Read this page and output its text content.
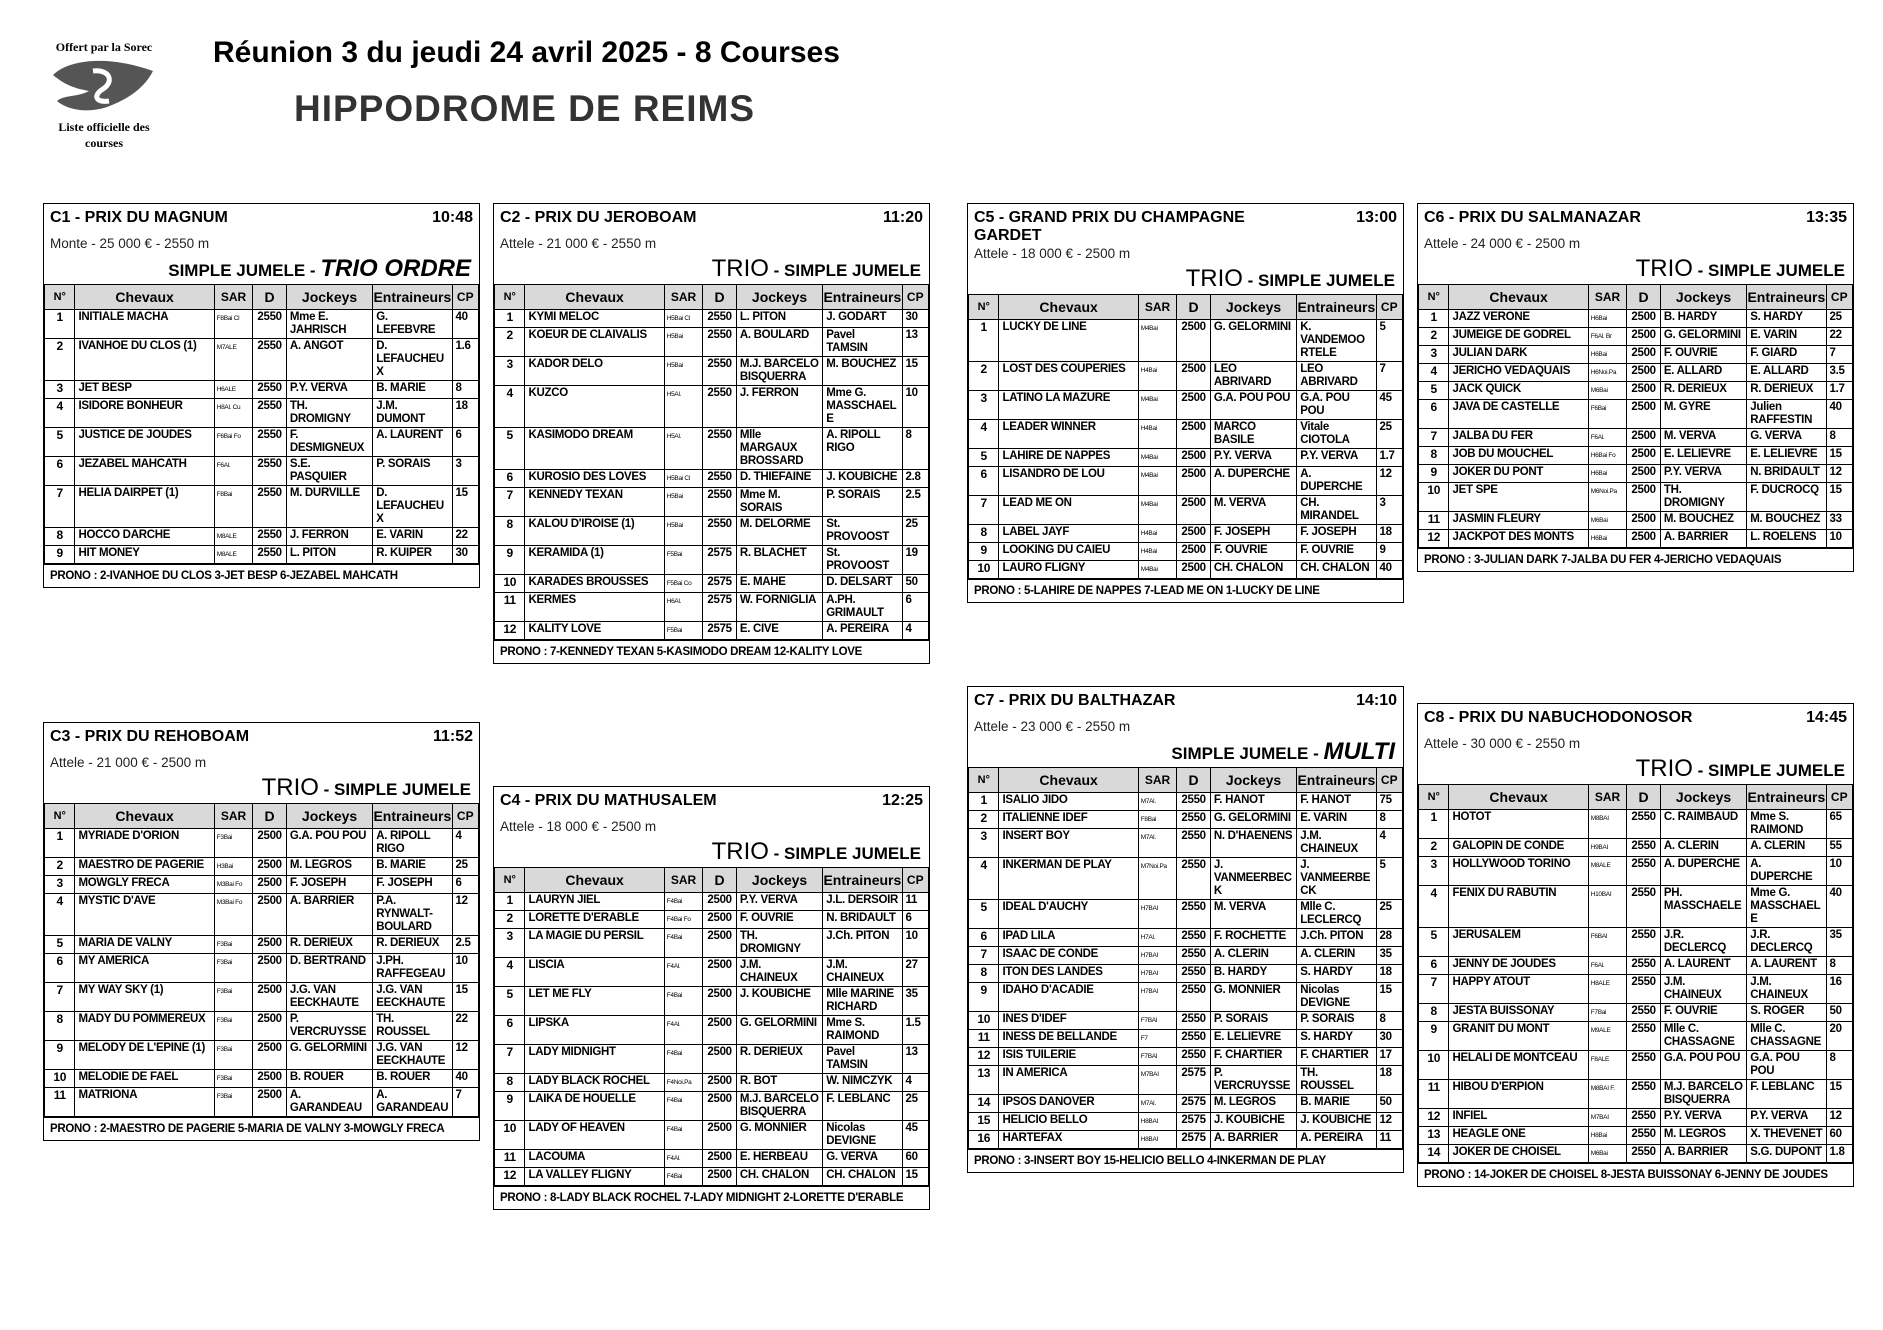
Offert par la Sorec

Liste officielle des courses
Réunion 3 du jeudi 24 avril 2025 - 8 Courses
HIPPODROME DE REIMS
C1 - PRIX DU MAGNUM	10:48
Monte - 25 000 € - 2550 m
SIMPLE JUMELE - TRIO ORDRE
N°	Chevaux	SAR	D	Jockeys	Entraineurs	CP
1	INITIALE MACHA	F8Bai Cl	2550	Mme E. JAHRISCH	G. LEFEBVRE	40
2	IVANHOE DU CLOS (1)	M7ALE	2550	A. ANGOT	D. LEFAUCHEUX	1.6
3	JET BESP	H6ALE	2550	P.Y. VERVA	B. MARIE	8
4	ISIDORE BONHEUR	H8Al. Cu	2550	TH. DROMIGNY	J.M. DUMONT	18
5	JUSTICE DE JOUDES	F6Bai Fo	2550	F. DESMIGNEUX	A. LAURENT	6
6	JEZABEL MAHCATH	F6Al.	2550	S.E. PASQUIER	P. SORAIS	3
7	HELIA DAIRPET (1)	F8Bai	2550	M. DURVILLE	D. LEFAUCHEUX	15
8	HOCCO DARCHE	M8ALE	2550	J. FERRON	E. VARIN	22
9	HIT MONEY	M8ALE	2550	L. PITON	R. KUIPER	30
PRONO : 2-IVANHOE DU CLOS 3-JET BESP 6-JEZABEL MAHCATH
C2 - PRIX DU JEROBOAM	11:20
Attele - 21 000 € - 2550 m
TRIO - SIMPLE JUMELE
N°	Chevaux	SAR	D	Jockeys	Entraineurs	CP
1	KYMI MELOC	H5Bai Cl	2550	L. PITON	J. GODART	30
2	KOEUR DE CLAIVALIS	H5Bai	2550	A. BOULARD	Pavel TAMSIN	13
3	KADOR DELO	H5Bai	2550	M.J. BARCELO BISQUERRA	M. BOUCHEZ	15
4	KUZCO	H5Al.	2550	J. FERRON	Mme G. MASSCHAELE	10
5	KASIMODO DREAM	H5Al.	2550	Mlle MARGAUX BROSSARD	A. RIPOLL RIGO	8
6	KUROSIO DES LOVES	H5Bai Cl	2550	D. THIEFAINE	J. KOUBICHE	2.8
7	KENNEDY TEXAN	H5Bai	2550	Mme M. SORAIS	P. SORAIS	2.5
8	KALOU D'IROISE (1)	H5Bai	2550	M. DELORME	St. PROVOOST	25
9	KERAMIDA (1)	F5Bai	2575	R. BLACHET	St. PROVOOST	19
10	KARADES BROUSSES	F5Bai Co	2575	E. MAHE	D. DELSART	50
11	KERMES	H6Al.	2575	W. FORNIGLIA	A.PH. GRIMAULT	6
12	KALITY LOVE	F5Bai	2575	E. CIVE	A. PEREIRA	4
PRONO : 7-KENNEDY TEXAN 5-KASIMODO DREAM 12-KALITY LOVE
C3 - PRIX DU REHOBOAM	11:52
Attele - 21 000 € - 2500 m
TRIO - SIMPLE JUMELE
N°	Chevaux	SAR	D	Jockeys	Entraineurs	CP
1	MYRIADE D'ORION	F3Bai	2500	G.A. POU POU	A. RIPOLL RIGO	4
2	MAESTRO DE PAGERIE	H3Bai	2500	M. LEGROS	B. MARIE	25
3	MOWGLY FRECA	M3Bai Fo	2500	F. JOSEPH	F. JOSEPH	6
4	MYSTIC D'AVE	M3Bai Fo	2500	A. BARRIER	P.A. RYNWALT-BOULARD	12
5	MARIA DE VALNY	F3Bai	2500	R. DERIEUX	R. DERIEUX	2.5
6	MY AMERICA	F3Bai	2500	D. BERTRAND	J.PH. RAFFEGEAU	10
7	MY WAY SKY (1)	F3Bai	2500	J.G. VAN EECKHAUTE	J.G. VAN EECKHAUTE	15
8	MADY DU POMMEREUX	F3Bai	2500	P. VERCRUYSSE	TH. ROUSSEL	22
9	MELODY DE L'EPINE (1)	F3Bai	2500	G. GELORMINI	J.G. VAN EECKHAUTE	12
10	MELODIE DE FAEL	F3Bai	2500	B. ROUER	B. ROUER	40
11	MATRIONA	F3Bai	2500	A. GARANDEAU	A. GARANDEAU	7
PRONO : 2-MAESTRO DE PAGERIE 5-MARIA DE VALNY 3-MOWGLY FRECA
C4 - PRIX DU MATHUSALEM	12:25
Attele - 18 000 € - 2500 m
TRIO - SIMPLE JUMELE
N°	Chevaux	SAR	D	Jockeys	Entraineurs	CP
1	LAURYN JIEL	F4Bai	2500	P.Y. VERVA	J.L. DERSOIR	11
2	LORETTE D'ERABLE	F4Bai Fo	2500	F. OUVRIE	N. BRIDAULT	6
3	LA MAGIE DU PERSIL	F4Bai	2500	TH. DROMIGNY	J.Ch. PITON	10
4	LISCIA	F4Al.	2500	J.M. CHAINEUX	J.M. CHAINEUX	27
5	LET ME FLY	F4Bai	2500	J. KOUBICHE	Mlle MARINE RICHARD	35
6	LIPSKA	F4Al.	2500	G. GELORMINI	Mme S. RAIMOND	1.5
7	LADY MIDNIGHT	F4Bai	2500	R. DERIEUX	Pavel TAMSIN	13
8	LADY BLACK ROCHEL	F4Noi.Pa	2500	R. BOT	W. NIMCZYK	4
9	LAIKA DE HOUELLE	F4Bai	2500	M.J. BARCELO BISQUERRA	F. LEBLANC	25
10	LADY OF HEAVEN	F4Bai	2500	G. MONNIER	Nicolas DEVIGNE	45
11	LACOUMA	F4Al.	2500	E. HERBEAU	G. VERVA	60
12	LA VALLEY FLIGNY	F4Bai	2500	CH. CHALON	CH. CHALON	15
PRONO : 8-LADY BLACK ROCHEL 7-LADY MIDNIGHT 2-LORETTE D'ERABLE
C5 - GRAND PRIX DU CHAMPAGNE GARDET
13:00
Attele - 18 000 € - 2500 m
TRIO - SIMPLE JUMELE
N°	Chevaux	SAR	D	Jockeys	Entraineurs	CP
1	LUCKY DE LINE	M4Bai	2500	G. GELORMINI	K. VANDEMOORTELE	5
2	LOST DES COUPERIES	H4Bai	2500	LEO ABRIVARD	LEO ABRIVARD	7
3	LATINO LA MAZURE	M4Bai	2500	G.A. POU POU	G.A. POU POU	45
4	LEADER WINNER	H4Bai	2500	MARCO BASILE	Vitale CIOTOLA	25
5	LAHIRE DE NAPPES	M4Bai	2500	P.Y. VERVA	P.Y. VERVA	1.7
6	LISANDRO DE LOU	M4Bai	2500	A. DUPERCHE	A. DUPERCHE	12
7	LEAD ME ON	M4Bai	2500	M. VERVA	CH. MIRANDEL	3
8	LABEL JAYF	H4Bai	2500	F. JOSEPH	F. JOSEPH	18
9	LOOKING DU CAIEU	H4Bai	2500	F. OUVRIE	F. OUVRIE	9
10	LAURO FLIGNY	M4Bai	2500	CH. CHALON	CH. CHALON	40
PRONO : 5-LAHIRE DE NAPPES 7-LEAD ME ON 1-LUCKY DE LINE
C6 - PRIX DU SALMANAZAR	13:35
Attele - 24 000 € - 2500 m
TRIO - SIMPLE JUMELE
N°	Chevaux	SAR	D	Jockeys	Entraineurs	CP
1	JAZZ VERONE	H6Bai	2500	B. HARDY	S. HARDY	25
2	JUMEIGE DE GODREL	F6Al. Br	2500	G. GELORMINI	E. VARIN	22
3	JULIAN DARK	H6Bai	2500	F. OUVRIE	F. GIARD	7
4	JERICHO VEDAQUAIS	H6Noi.Pa	2500	E. ALLARD	E. ALLARD	3.5
5	JACK QUICK	M6Bai	2500	R. DERIEUX	R. DERIEUX	1.7
6	JAVA DE CASTELLE	F6Bai	2500	M. GYRE	Julien RAFFESTIN	40
7	JALBA DU FER	F6Al.	2500	M. VERVA	G. VERVA	8
8	JOB DU MOUCHEL	H6Bai Fo	2500	E. LELIEVRE	E. LELIEVRE	15
9	JOKER DU PONT	H6Bai	2500	P.Y. VERVA	N. BRIDAULT	12
10	JET SPE	M6Noi.Pa	2500	TH. DROMIGNY	F. DUCROCQ	15
11	JASMIN FLEURY	M6Bai	2500	M. BOUCHEZ	M. BOUCHEZ	33
12	JACKPOT DES MONTS	H6Bai	2500	A. BARRIER	L. ROELENS	10
PRONO : 3-JULIAN DARK 7-JALBA DU FER 4-JERICHO VEDAQUAIS
C7 - PRIX DU BALTHAZAR	14:10
Attele - 23 000 € - 2550 m
SIMPLE JUMELE - MULTI
N°	Chevaux	SAR	D	Jockeys	Entraineurs	CP
1	ISALIO JIDO	M7Al.	2550	F. HANOT	F. HANOT	75
2	ITALIENNE IDEF	F8Bai	2550	G. GELORMINI	E. VARIN	8
3	INSERT BOY	M7Al.	2550	N. D'HAENENS	J.M. CHAINEUX	4
4	INKERMAN DE PLAY	M7Noi.Pa	2550	J. VANMEERBECK	J. VANMEERBECK	5
5	IDEAL D'AUCHY	H7BAI	2550	M. VERVA	Mlle C. LECLERCQ	25
6	IPAD LILA	H7Al.	2550	F. ROCHETTE	J.Ch. PITON	28
7	ISAAC DE CONDE	H7BAI	2550	A. CLERIN	A. CLERIN	35
8	ITON DES LANDES	H7BAI	2550	B. HARDY	S. HARDY	18
9	IDAHO D'ACADIE	H7BAI	2550	G. MONNIER	Nicolas DEVIGNE	15
10	INES D'IDEF	F7BAI	2550	P. SORAIS	P. SORAIS	8
11	INESS DE BELLANDE	F7	2550	E. LELIEVRE	S. HARDY	30
12	ISIS TUILERIE	F7BAI	2550	F. CHARTIER	F. CHARTIER	17
13	IN AMERICA	M7BAI	2575	P. VERCRUYSSE	TH. ROUSSEL	18
14	IPSOS DANOVER	M7Al.	2575	M. LEGROS	B. MARIE	50
15	HELICIO BELLO	H8BAI	2575	J. KOUBICHE	J. KOUBICHE	12
16	HARTEFAX	H8BAI	2575	A. BARRIER	A. PEREIRA	11
PRONO : 3-INSERT BOY 15-HELICIO BELLO 4-INKERMAN DE PLAY
C8 - PRIX DU NABUCHODONOSOR	14:45
Attele - 30 000 € - 2550 m
TRIO - SIMPLE JUMELE
N°	Chevaux	SAR	D	Jockeys	Entraineurs	CP
1	HOTOT	M8BAI	2550	C. RAIMBAUD	Mme S. RAIMOND	65
2	GALOPIN DE CONDE	H9BAI	2550	A. CLERIN	A. CLERIN	55
3	HOLLYWOOD TORINO	M8ALE	2550	A. DUPERCHE	A. DUPERCHE	10
4	FENIX DU RABUTIN	H10BAI	2550	PH. MASSCHAELE	Mme G. MASSCHAELE	40
5	JERUSALEM	F6BAI	2550	J.R. DECLERCQ	J.R. DECLERCQ	35
6	JENNY DE JOUDES	F6Al.	2550	A. LAURENT	A. LAURENT	8
7	HAPPY ATOUT	H8ALE	2550	J.M. CHAINEUX	J.M. CHAINEUX	16
8	JESTA BUISSONAY	F7Bai	2550	F. OUVRIE	S. ROGER	50
9	GRANIT DU MONT	M9ALE	2550	Mlle C. CHASSAGNE	Mlle C. CHASSAGNE	20
10	HELALI DE MONTCEAU	F8ALE	2550	G.A. POU POU	G.A. POU POU	8
11	HIBOU D'ERPION	M8BAI F.	2550	M.J. BARCELO BISQUERRA	F. LEBLANC	15
12	INFIEL	M7BAI	2550	P.Y. VERVA	P.Y. VERVA	12
13	HEAGLE ONE	H8Bai	2550	M. LEGROS	X. THEVENET	60
14	JOKER DE CHOISEL	M6Bai	2550	A. BARRIER	S.G. DUPONT	1.8
PRONO : 14-JOKER DE CHOISEL 8-JESTA BUISSONAY 6-JENNY DE JOUDES
